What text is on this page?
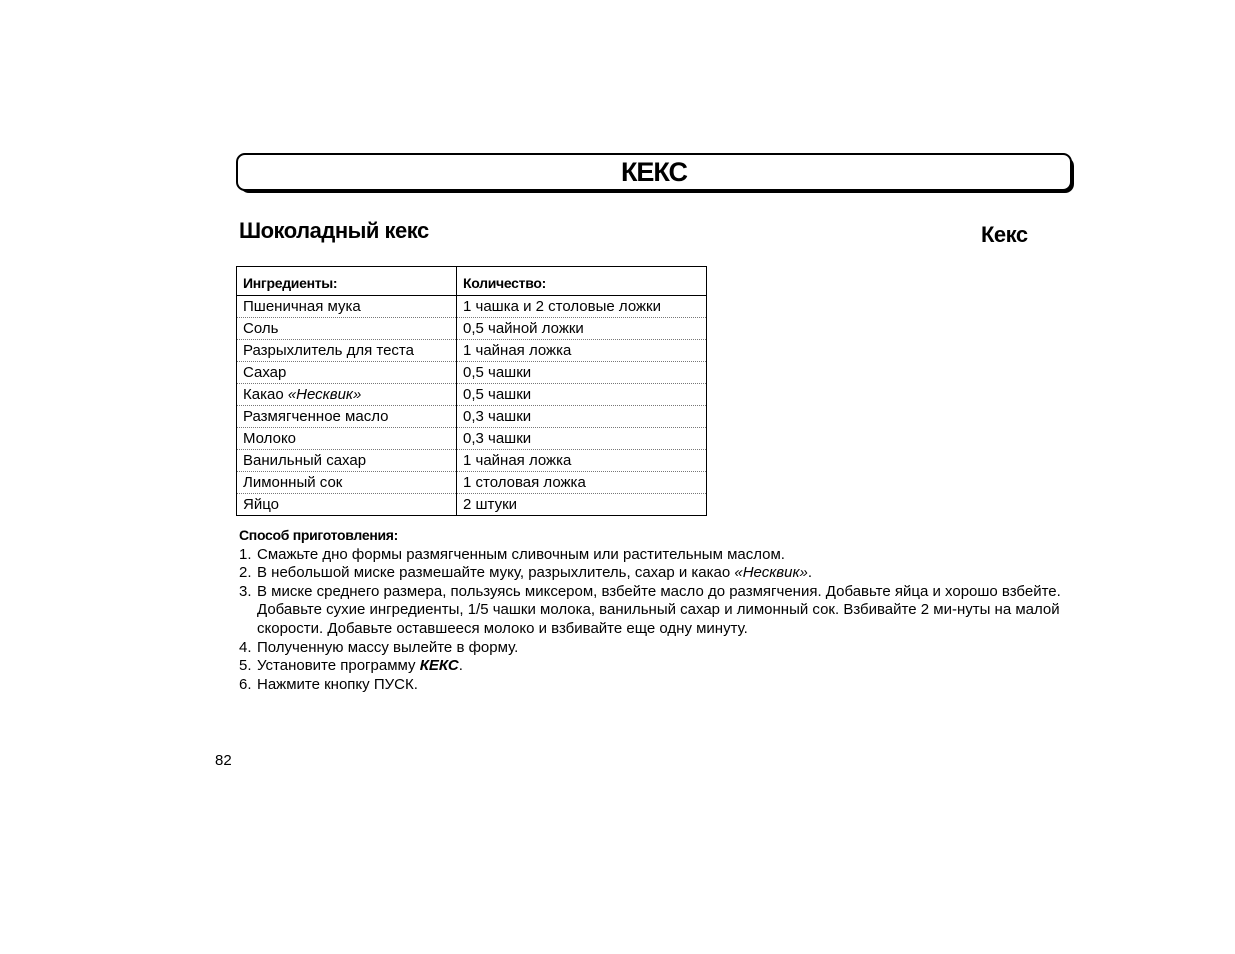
КЕКС
Шоколадный кекс	Кекс
Ингредиенты:	Количество:
Пшеничная мука	1 чашка и 2 столовые ложки
Соль	0,5 чайной ложки
Разрыхлитель для теста	1 чайная ложка
Сахар	0,5 чашки
Какао «Несквик»	0,5 чашки
Размягченное масло	0,3 чашки
Молоко	0,3 чашки
Ванильный сахар	1 чайная ложка
Лимонный сок	1 столовая ложка
Яйцо	2 штуки
Способ приготовления:
1. Смажьте дно формы размягченным сливочным или растительным маслом.
2. В небольшой миске размешайте муку, разрыхлитель, сахар и какао «Несквик».
3. В миске среднего размера, пользуясь миксером, взбейте масло до размягчения. Добавьте яйца и хорошо взбейте. Добавьте сухие ингредиенты, 1/5 чашки молока, ванильный сахар и лимонный сок. Взбивайте 2 ми-нуты на малой скорости. Добавьте оставшееся молоко и взбивайте еще одну минуту.
4. Полученную массу вылейте в форму.
5. Установите программу КЕКС.
6. Нажмите кнопку ПУСК.
82
